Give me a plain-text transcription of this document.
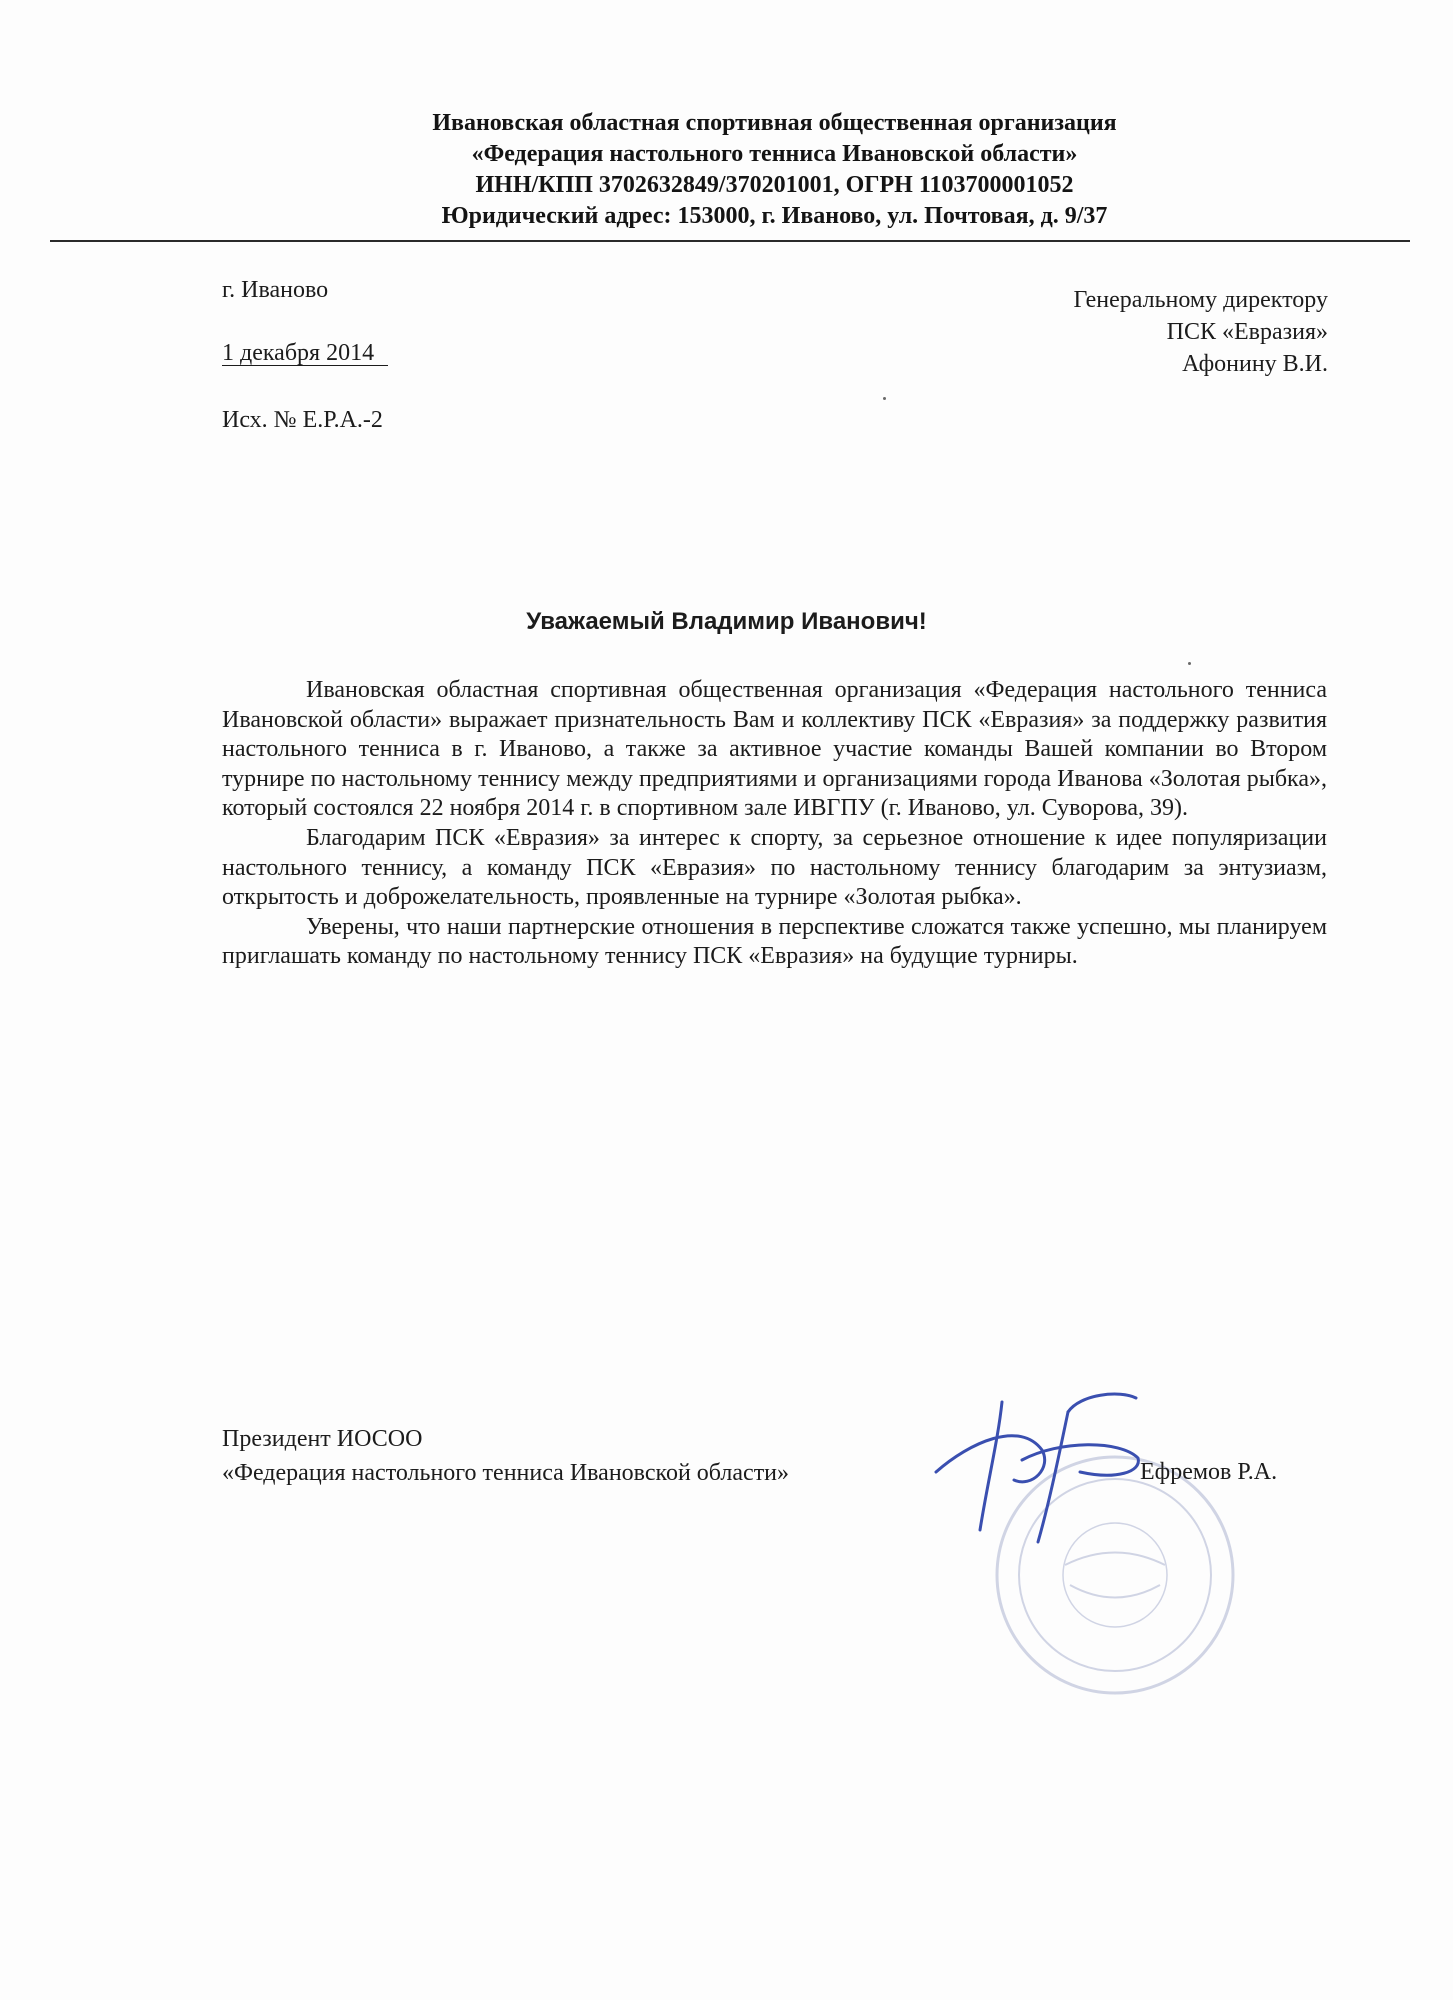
Ивановская областная спортивная общественная организация
«Федерация настольного тенниса Ивановской области»
ИНН/КПП 3702632849/370201001, ОГРН 1103700001052
Юридический адрес: 153000, г. Иваново, ул. Почтовая, д. 9/37
г. Иваново
1 декабря 2014
Исх. № Е.Р.А.-2
Генеральному директору
ПСК «Евразия»
Афонину В.И.
Уважаемый Владимир Иванович!

Ивановская областная спортивная общественная организация «Федерация настольного тенниса Ивановской области» выражает признательность Вам и коллективу ПСК «Евразия» за поддержку развития настольного тенниса в г. Иваново, а также за активное участие команды Вашей компании во Втором турнире по настольному теннису между предприятиями и организациями города Иванова «Золотая рыбка», который состоялся 22 ноября 2014 г. в спортивном зале ИВГПУ (г. Иваново, ул. Суворова, 39).

Благодарим ПСК «Евразия» за интерес к спорту, за серьезное отношение к идее популяризации настольного теннису, а команду ПСК «Евразия» по настольному теннису благодарим за энтузиазм, открытость и доброжелательность, проявленные на турнире «Золотая рыбка».

Уверены, что наши партнерские отношения в перспективе сложатся также успешно, мы планируем приглашать команду по настольному теннису ПСК «Евразия» на будущие турниры.

Президент ИОСОО
«Федерация настольного тенниса Ивановской области»	Ефремов Р.А.
